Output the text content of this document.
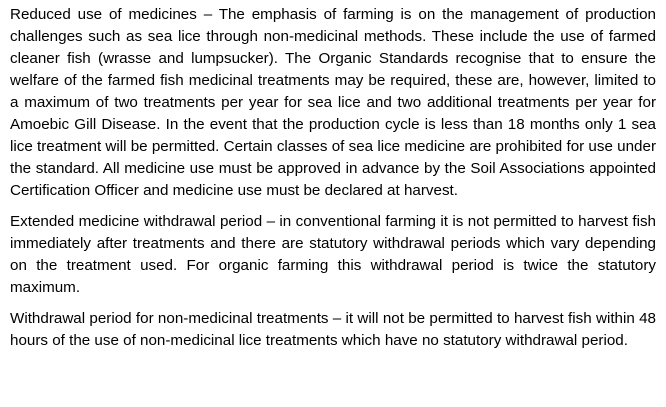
Reduced use of medicines – The emphasis of farming is on the management of production challenges such as sea lice through non-medicinal methods. These include the use of farmed cleaner fish (wrasse and lumpsucker). The Organic Standards recognise that to ensure the welfare of the farmed fish medicinal treatments may be required, these are, however, limited to a maximum of two treatments per year for sea lice and two additional treatments per year for Amoebic Gill Disease. In the event that the production cycle is less than 18 months only 1 sea lice treatment will be permitted. Certain classes of sea lice medicine are prohibited for use under the standard. All medicine use must be approved in advance by the Soil Associations appointed Certification Officer and medicine use must be declared at harvest.

Extended medicine withdrawal period – in conventional farming it is not permitted to harvest fish immediately after treatments and there are statutory withdrawal periods which vary depending on the treatment used. For organic farming this withdrawal period is twice the statutory maximum.

Withdrawal period for non-medicinal treatments – it will not be permitted to harvest fish within 48 hours of the use of non-medicinal lice treatments which have no statutory withdrawal period.
